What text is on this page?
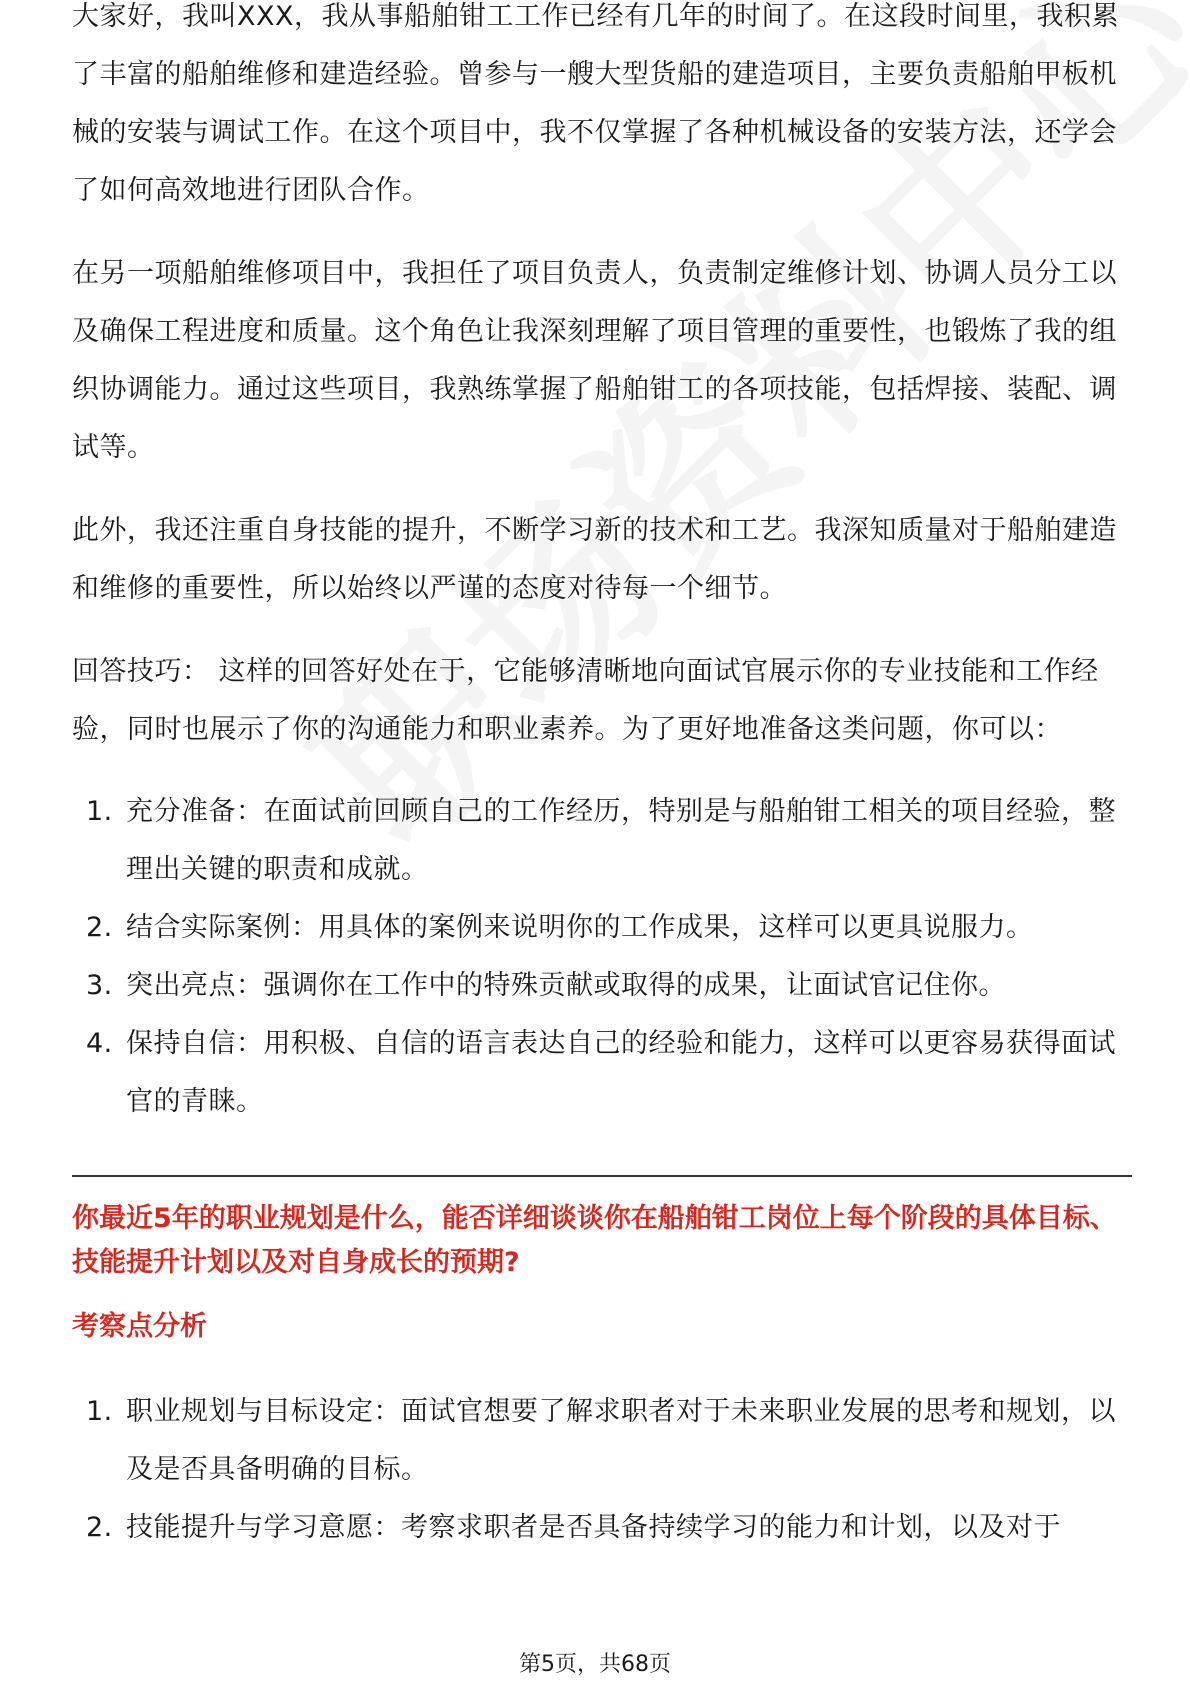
大家好，我叫XXX，我从事船舶钳工工作已经有几年的时间了。在这段时间里，我积累了丰富的船舶维修和建造经验。曾参与一艘大型货船的建造项目，主要负责船舶甲板机械的安装与调试工作。在这个项目中，我不仅掌握了各种机械设备的安装方法，还学会了如何高效地进行团队合作。

在另一项船舶维修项目中，我担任了项目负责人，负责制定维修计划、协调人员分工以及确保工程进度和质量。这个角色让我深刻理解了项目管理的重要性，也锻炼了我的组织协调能力。通过这些项目，我熟练掌握了船舶钳工的各项技能，包括焊接、装配、调试等。

此外，我还注重自身技能的提升，不断学习新的技术和工艺。我深知质量对于船舶建造和维修的重要性，所以始终以严谨的态度对待每一个细节。

回答技巧： 这样的回答好处在于，它能够清晰地向面试官展示你的专业技能和工作经验，同时也展示了你的沟通能力和职业素养。为了更好地准备这类问题，你可以：

1. 充分准备：在面试前回顾自己的工作经历，特别是与船舶钳工相关的项目经验，整理出关键的职责和成就。
2. 结合实际案例：用具体的案例来说明你的工作成果，这样可以更具说服力。
3. 突出亮点：强调你在工作中的特殊贡献或取得的成果，让面试官记住你。
4. 保持自信：用积极、自信的语言表达自己的经验和能力，这样可以更容易获得面试官的青睐。

你最近5年的职业规划是什么，能否详细谈谈你在船舶钳工岗位上每个阶段的具体目标、技能提升计划以及对自身成长的预期?

考察点分析

1. 职业规划与目标设定：面试官想要了解求职者对于未来职业发展的思考和规划，以及是否具备明确的目标。
2. 技能提升与学习意愿：考察求职者是否具备持续学习的能力和计划，以及对于
第5页，共68页
